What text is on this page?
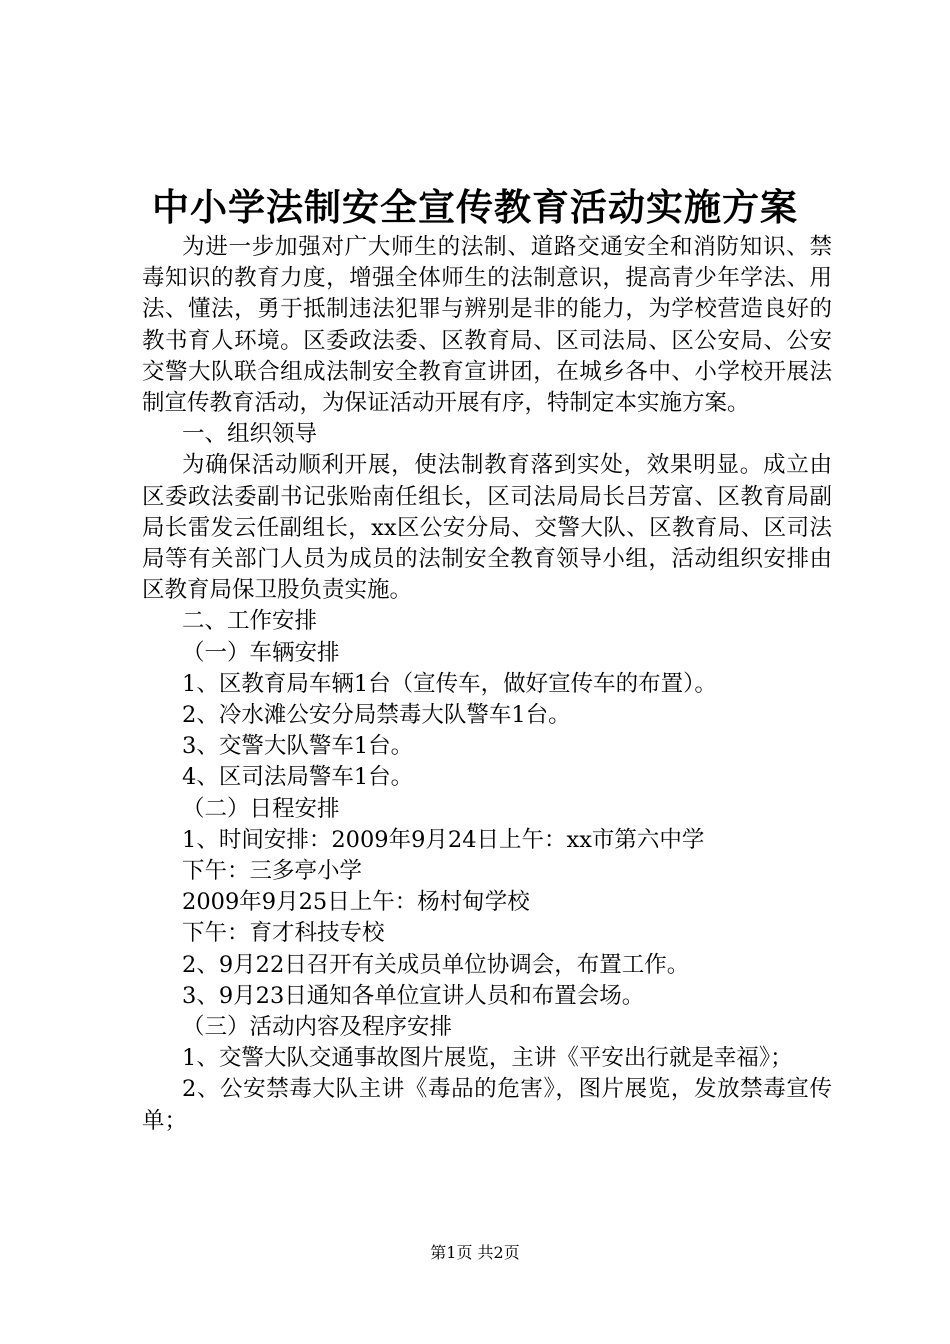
中小学法制安全宣传教育活动实施方案

为进一步加强对广大师生的法制、道路交通安全和消防知识、禁毒知识的教育力度，增强全体师生的法制意识，提高青少年学法、用法、懂法，勇于抵制违法犯罪与辨别是非的能力，为学校营造良好的教书育人环境。区委政法委、区教育局、区司法局、区公安局、公安交警大队联合组成法制安全教育宣讲团，在城乡各中、小学校开展法制宣传教育活动，为保证活动开展有序，特制定本实施方案。

一、组织领导

为确保活动顺利开展，使法制教育落到实处，效果明显。成立由区委政法委副书记张贻南任组长，区司法局局长吕芳富、区教育局副局长雷发云任副组长，xx区公安分局、交警大队、区教育局、区司法局等有关部门人员为成员的法制安全教育领导小组，活动组织安排由区教育局保卫股负责实施。

二、工作安排

（一）车辆安排

1、区教育局车辆1台（宣传车，做好宣传车的布置）。

2、冷水滩公安分局禁毒大队警车1台。

3、交警大队警车1台。

4、区司法局警车1台。

（二）日程安排

1、时间安排：2009年9月24日上午：xx市第六中学

下午：三多亭小学

2009年9月25日上午：杨村甸学校

下午：育才科技专校

2、9月22日召开有关成员单位协调会，布置工作。

3、9月23日通知各单位宣讲人员和布置会场。

（三）活动内容及程序安排

1、交警大队交通事故图片展览，主讲《平安出行就是幸福》；

2、公安禁毒大队主讲《毒品的危害》，图片展览，发放禁毒宣传单；

第1页 共2页
